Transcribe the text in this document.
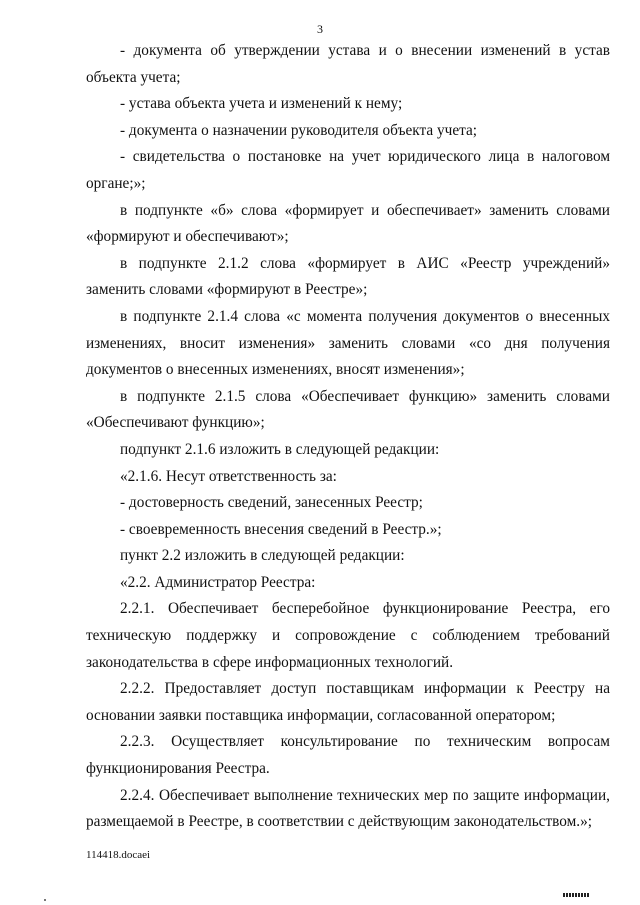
3

- документа об утверждении устава и о внесении изменений в устав объекта учета;

- устава объекта учета и изменений к нему;

- документа о назначении руководителя объекта учета;

- свидетельства о постановке на учет юридического лица в налоговом органе;»;

в подпункте «б» слова «формирует и обеспечивает» заменить словами «формируют и обеспечивают»;

в подпункте 2.1.2 слова «формирует в АИС «Реестр учреждений» заменить словами «формируют в Реестре»;

в подпункте 2.1.4 слова «с момента получения документов о внесенных изменениях, вносит изменения» заменить словами «со дня получения документов о внесенных изменениях, вносят изменения»;

в подпункте 2.1.5 слова «Обеспечивает функцию» заменить словами «Обеспечивают функцию»;

подпункт 2.1.6 изложить в следующей редакции:

«2.1.6. Несут ответственность за:

- достоверность сведений, занесенных Реестр;

- своевременность внесения сведений в Реестр.»;

пункт 2.2 изложить в следующей редакции:

«2.2. Администратор Реестра:

2.2.1. Обеспечивает бесперебойное функционирование Реестра, его техническую поддержку и сопровождение с соблюдением требований законодательства в сфере информационных технологий.

2.2.2. Предоставляет доступ поставщикам информации к Реестру на основании заявки поставщика информации, согласованной оператором;

2.2.3. Осуществляет консультирование по техническим вопросам функционирования Реестра.

2.2.4. Обеспечивает выполнение технических мер по защите информации, размещаемой в Реестре, в соответствии с действующим законодательством.»;

114418.docaei
